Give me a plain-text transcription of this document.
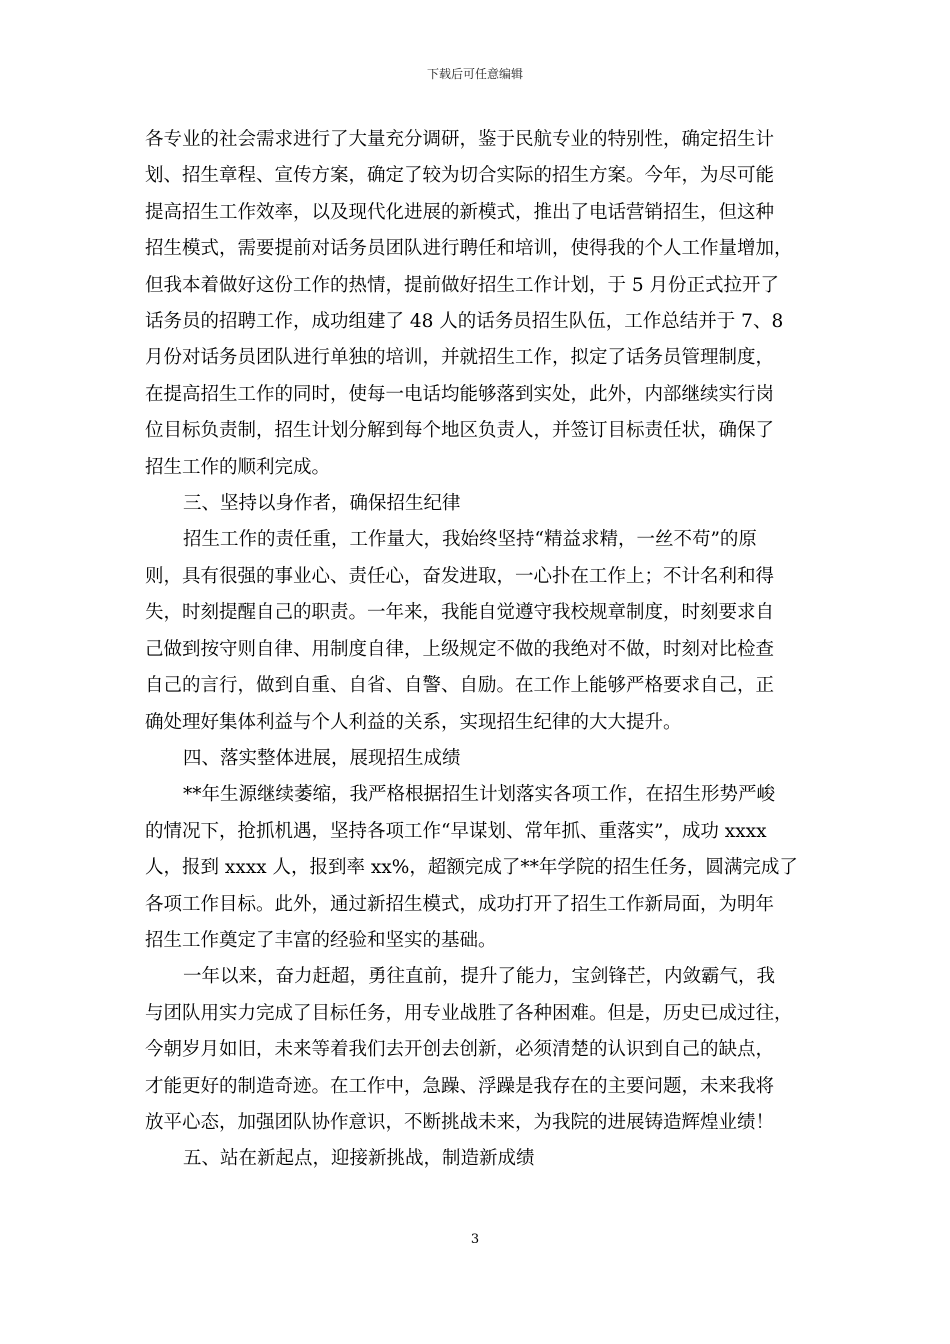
下载后可任意编辑
各专业的社会需求进行了大量充分调研，鉴于民航专业的特别性，确定招生计
划、招生章程、宣传方案，确定了较为切合实际的招生方案。今年，为尽可能
提高招生工作效率，以及现代化进展的新模式，推出了电话营销招生，但这种
招生模式，需要提前对话务员团队进行聘任和培训，使得我的个人工作量增加，
但我本着做好这份工作的热情，提前做好招生工作计划，于 5 月份正式拉开了
话务员的招聘工作，成功组建了 48 人的话务员招生队伍，工作总结并于 7、8
月份对话务员团队进行单独的培训，并就招生工作，拟定了话务员管理制度，
在提高招生工作的同时，使每一电话均能够落到实处，此外，内部继续实行岗
位目标负责制，招生计划分解到每个地区负责人，并签订目标责任状，确保了
招生工作的顺利完成。
三、坚持以身作者，确保招生纪律
招生工作的责任重，工作量大，我始终坚持“精益求精，一丝不苟”的原
则，具有很强的事业心、责任心，奋发进取，一心扑在工作上；不计名利和得
失，时刻提醒自己的职责。一年来，我能自觉遵守我校规章制度，时刻要求自
己做到按守则自律、用制度自律，上级规定不做的我绝对不做，时刻对比检查
自己的言行，做到自重、自省、自警、自励。在工作上能够严格要求自己，正
确处理好集体利益与个人利益的关系，实现招生纪律的大大提升。
四、落实整体进展，展现招生成绩
**年生源继续萎缩，我严格根据招生计划落实各项工作，在招生形势严峻
的情况下，抢抓机遇，坚持各项工作“早谋划、常年抓、重落实”，成功 xxxx
人，报到 xxxx 人，报到率 xx%，超额完成了**年学院的招生任务，圆满完成了
各项工作目标。此外，通过新招生模式，成功打开了招生工作新局面，为明年
招生工作奠定了丰富的经验和坚实的基础。
一年以来，奋力赶超，勇往直前，提升了能力，宝剑锋芒，内敛霸气，我
与团队用实力完成了目标任务，用专业战胜了各种困难。但是，历史已成过往，
今朝岁月如旧，未来等着我们去开创去创新，必须清楚的认识到自己的缺点，
才能更好的制造奇迹。在工作中，急躁、浮躁是我存在的主要问题，未来我将
放平心态，加强团队协作意识，不断挑战未来，为我院的进展铸造辉煌业绩！
五、站在新起点，迎接新挑战，制造新成绩
3
